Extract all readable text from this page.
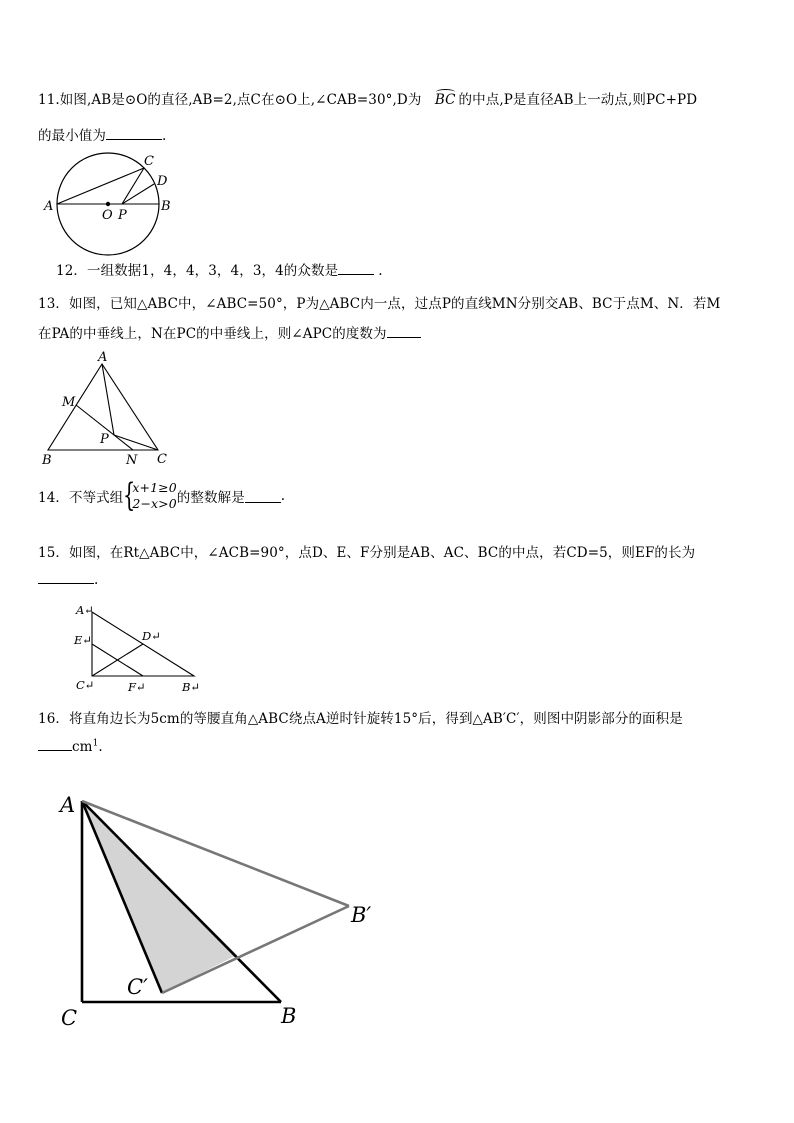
11.如图,AB是⊙O的直径,AB=2,点C在⊙O上,∠CAB=30°,D为 BC 的中点,P是直径AB上一动点,则PC+PD
的最小值为	.
A	B
C
D
O P
12．一组数据1，4，4，3，4，3，4的众数是	.
13．如图，已知△ABC中，∠ABC=50°，P为△ABC内一点，过点P的直线MN分别交AB、BC于点M、N．若M
在PA的中垂线上，N在PC的中垂线上，则∠APC的度数为
A
M
P
B	N C
14．不等式组 {
x+1≥0
2−x>0 的整数解是	.
15．如图，在Rt△ABC中，∠ACB=90°，点D、E、F分别是AB、AC、BC的中点，若CD=5，则EF的长为
.
A↵
E↵	D↵
C↵	F↵	B↵
16．将直角边长为5cm的等腰直角△ABC绕点A逆时针旋转15°后，得到△AB′C′，则图中阴影部分的面积是
$cm^1$.
A
C	B
B′
C′
